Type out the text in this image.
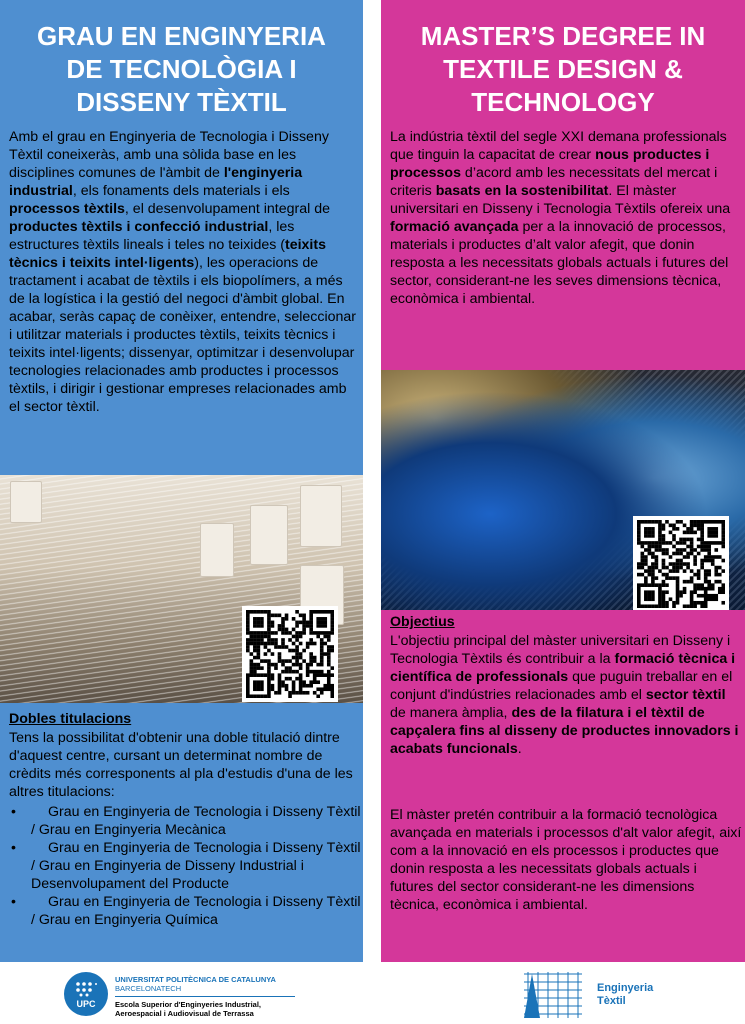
GRAU EN ENGINYERIA
DE TECNOLÒGIA I
DISSENY TÈXTIL

Amb el grau en Enginyeria de Tecnologia i Disseny Tèxtil coneixeràs, amb una sòlida base en les disciplines comunes de l'àmbit de l'enginyeria industrial, els fonaments dels materials i els processos tèxtils, el desenvolupament integral de productes tèxtils i confecció industrial, les estructures tèxtils lineals i teles no teixides (teixits tècnics i teixits intel·ligents), les operacions de tractament i acabat de tèxtils i els biopolímers, a més de la logística i la gestió del negoci d'àmbit global. En acabar, seràs capaç de conèixer, entendre, seleccionar i utilitzar materials i productes tèxtils, teixits tècnics i teixits intel·ligents; dissenyar, optimitzar i desenvolupar tecnologies relacionades amb productes i processos tèxtils, i dirigir i gestionar empreses relacionades amb el sector tèxtil.

Dobles titulacions

Tens la possibilitat d'obtenir una doble titulació dintre d'aquest centre, cursant un determinat nombre de crèdits més corresponents al pla d'estudis d'una de les altres titulacions:

• Grau en Enginyeria de Tecnologia i Disseny Tèxtil / Grau en Enginyeria Mecànica
• Grau en Enginyeria de Tecnologia i Disseny Tèxtil / Grau en Enginyeria de Disseny Industrial i Desenvolupament del Producte
• Grau en Enginyeria de Tecnologia i Disseny Tèxtil / Grau en Enginyeria Química
MASTER’S DEGREE IN
TEXTILE DESIGN &
TECHNOLOGY

La indústria tèxtil del segle XXI demana professionals que tinguin la capacitat de crear nous productes i processos d’acord amb les necessitats del mercat i criteris basats en la sostenibilitat. El màster universitari en Disseny i Tecnologia Tèxtils ofereix una formació avançada per a la innovació de processos, materials i productes d’alt valor afegit, que donin resposta a les necessitats globals actuals i futures del sector, considerant-ne les seves dimensions tècnica, econòmica i ambiental.

Objectius

L'objectiu principal del màster universitari en Disseny i Tecnologia Tèxtils és contribuir a la formació tècnica i científica de professionals que puguin treballar en el conjunt d'indústries relacionades amb el sector tèxtil de manera àmplia, des de la filatura i el tèxtil de capçalera fins al disseny de productes innovadors i acabats funcionals.

El màster pretén contribuir a la formació tecnològica avançada en materials i processos d'alt valor afegit, així com a la innovació en els processos i productes que donin resposta a les necessitats globals actuals i futures del sector considerant-ne les dimensions tècnica, econòmica i ambiental.

UPC
UNIVERSITAT POLITÈCNICA DE CATALUNYA
BARCELONATECH
Escola Superior d'Enginyeries Industrial,
Aeroespacial i Audiovisual de Terrassa
Enginyeria
Tèxtil
